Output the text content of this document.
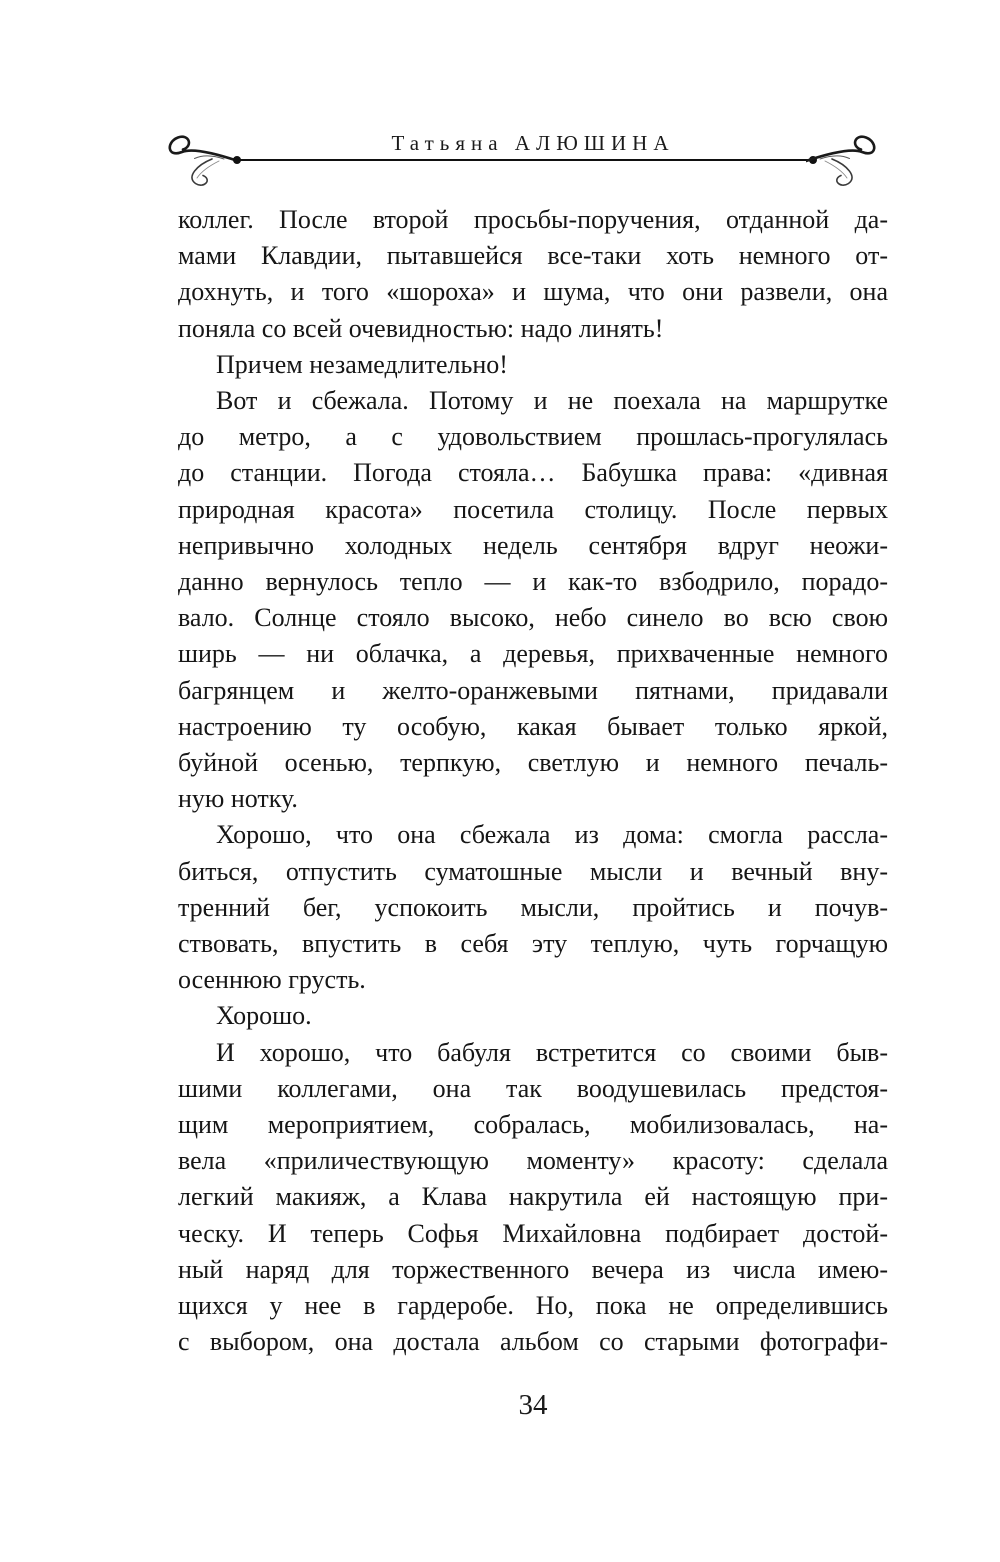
Татьяна АЛЮШИНА
коллег. После второй просьбы-поручения, отданной да-
мами Клавдии, пытавшейся все-таки хоть немного от-
дохнуть, и того «шороха» и шума, что они развели, она
поняла со всей очевидностью: надо линять!
Причем незамедлительно!
Вот и сбежала. Потому и не поехала на маршрутке
до метро, а с удовольствием прошлась-прогулялась
до станции. Погода стояла… Бабушка права: «дивная
природная красота» посетила столицу. После первых
непривычно холодных недель сентября вдруг неожи-
данно вернулось тепло — и как-то взбодрило, порадо-
вало. Солнце стояло высоко, небо синело во всю свою
ширь — ни облачка, а деревья, прихваченные немного
багрянцем и желто-оранжевыми пятнами, придавали
настроению ту особую, какая бывает только яркой,
буйной осенью, терпкую, светлую и немного печаль-
ную нотку.
Хорошо, что она сбежала из дома: смогла рассла-
биться, отпустить суматошные мысли и вечный вну-
тренний бег, успокоить мысли, пройтись и почув-
ствовать, впустить в себя эту теплую, чуть горчащую
осеннюю грусть.
Хорошо.
И хорошо, что бабуля встретится со своими быв-
шими коллегами, она так воодушевилась предстоя-
щим мероприятием, собралась, мобилизовалась, на-
вела «приличествующую моменту» красоту: сделала
легкий макияж, а Клава накрутила ей настоящую при-
ческу. И теперь Софья Михайловна подбирает достой-
ный наряд для торжественного вечера из числа имею-
щихся у нее в гардеробе. Но, пока не определившись
с выбором, она достала альбом со старыми фотографи-
34
